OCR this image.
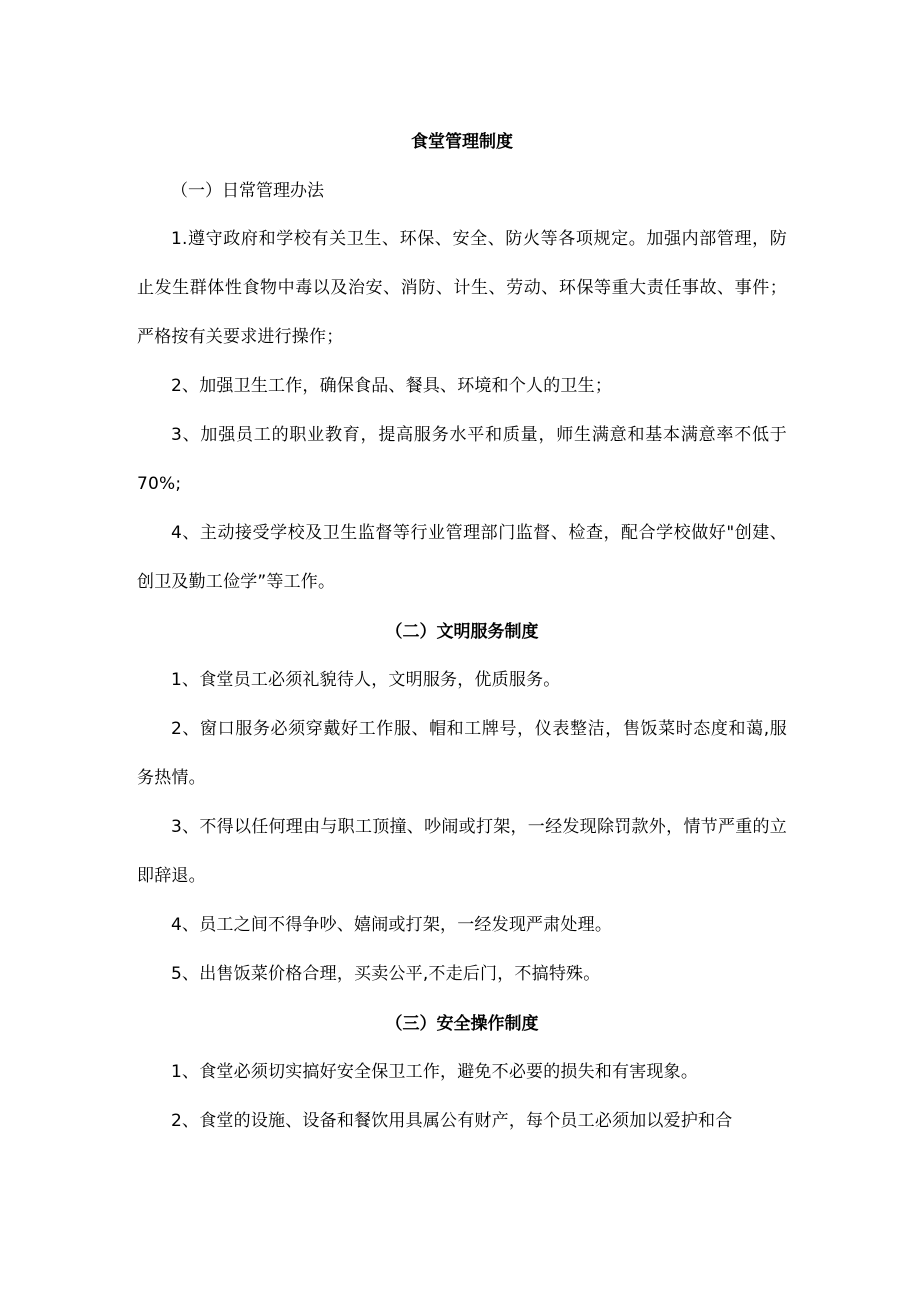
食堂管理制度
（一）日常管理办法

1.遵守政府和学校有关卫生、环保、安全、防火等各项规定。加强内部管理，防止发生群体性食物中毒以及治安、消防、计生、劳动、环保等重大责任事故、事件；严格按有关要求进行操作；

2、加强卫生工作，确保食品、餐具、环境和个人的卫生；

3、加强员工的职业教育，提高服务水平和质量，师生满意和基本满意率不低于70%;

4、主动接受学校及卫生监督等行业管理部门监督、检查，配合学校做好"创建、创卫及勤工俭学”等工作。

（二）文明服务制度

1、食堂员工必须礼貌待人，文明服务，优质服务。

2、窗口服务必须穿戴好工作服、帽和工牌号，仪表整洁，售饭菜时态度和蔼,服务热情。

3、不得以任何理由与职工顶撞、吵闹或打架，一经发现除罚款外，情节严重的立即辞退。

4、员工之间不得争吵、嬉闹或打架，一经发现严肃处理。

5、出售饭菜价格合理，买卖公平,不走后门，不搞特殊。

（三）安全操作制度

1、食堂必须切实搞好安全保卫工作，避免不必要的损失和有害现象。

2、食堂的设施、设备和餐饮用具属公有财产，每个员工必须加以爱护和合
